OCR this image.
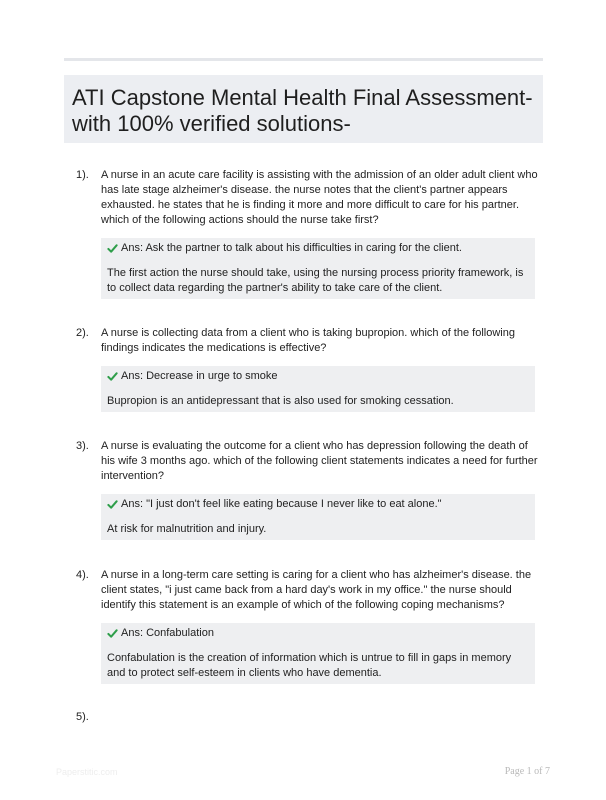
ATI Capstone Mental Health Final Assessment- with 100% verified solutions-
1). A nurse in an acute care facility is assisting with the admission of an older adult client who has late stage alzheimer's disease. the nurse notes that the client's partner appears exhausted. he states that he is finding it more and more difficult to care for his partner. which of the following actions should the nurse take first?
Ans: Ask the partner to talk about his difficulties in caring for the client.
The first action the nurse should take, using the nursing process priority framework, is to collect data regarding the partner's ability to take care of the client.
2). A nurse is collecting data from a client who is taking bupropion. which of the following findings indicates the medications is effective?
Ans: Decrease in urge to smoke
Bupropion is an antidepressant that is also used for smoking cessation.
3). A nurse is evaluating the outcome for a client who has depression following the death of his wife 3 months ago. which of the following client statements indicates a need for further intervention?
Ans: "I just don't feel like eating because I never like to eat alone."
At risk for malnutrition and injury.
4). A nurse in a long-term care setting is caring for a client who has alzheimer's disease. the client states, "i just came back from a hard day's work in my office." the nurse should identify this statement is an example of which of the following coping mechanisms?
Ans: Confabulation
Confabulation is the creation of information which is untrue to fill in gaps in memory and to protect self-esteem in clients who have dementia.
5).
Paperstitic.com	Page 1 of 7
